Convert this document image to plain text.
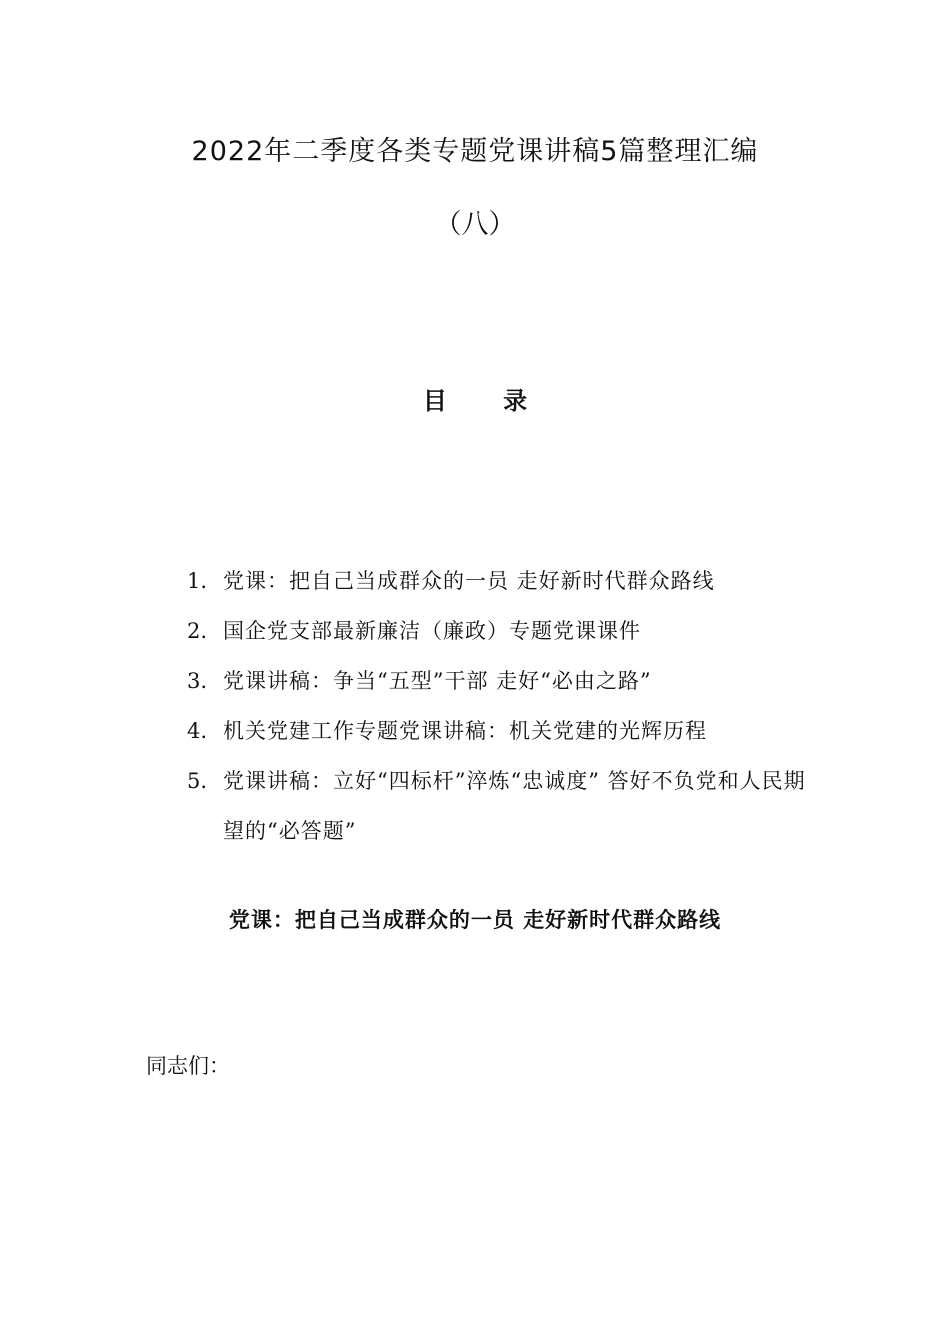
2022年二季度各类专题党课讲稿5篇整理汇编
（八）
目 录
1. 党课：把自己当成群众的一员 走好新时代群众路线
2. 国企党支部最新廉洁（廉政）专题党课课件
3. 党课讲稿：争当“五型”干部 走好“必由之路”
4. 机关党建工作专题党课讲稿：机关党建的光辉历程
5. 党课讲稿：立好“四标杆”淬炼“忠诚度” 答好不负党和人民期望的“必答题”
党课：把自己当成群众的一员 走好新时代群众路线
同志们：
